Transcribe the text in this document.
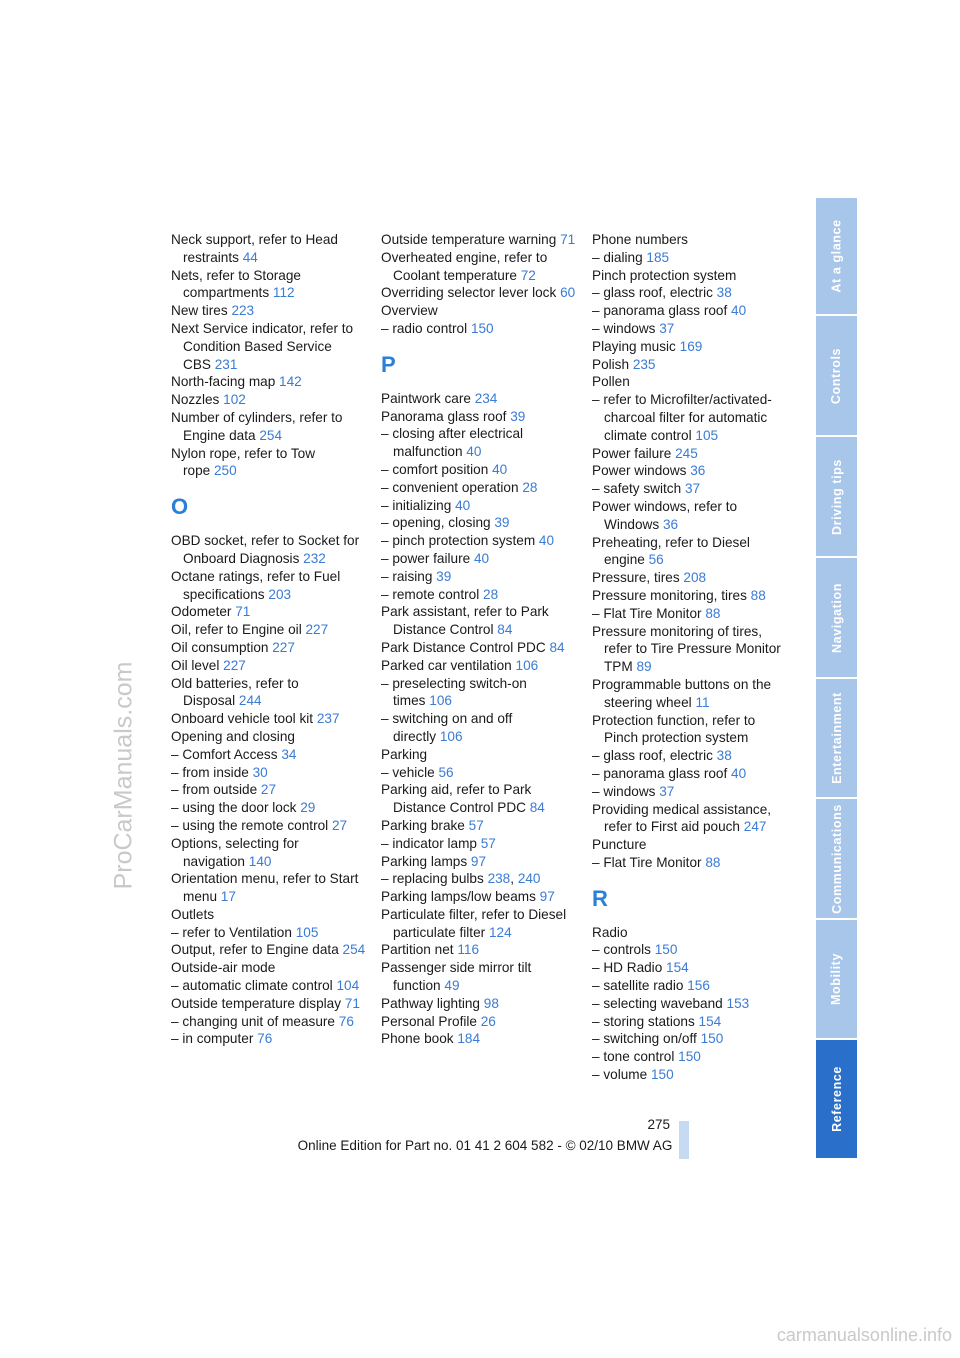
ProCarManuals.com
Neck support, refer to Head restraints 44
Nets, refer to Storage compartments 112
New tires 223
Next Service indicator, refer to Condition Based Service CBS 231
North-facing map 142
Nozzles 102
Number of cylinders, refer to Engine data 254
Nylon rope, refer to Tow rope 250
O
OBD socket, refer to Socket for Onboard Diagnosis 232
Octane ratings, refer to Fuel specifications 203
Odometer 71
Oil, refer to Engine oil 227
Oil consumption 227
Oil level 227
Old batteries, refer to Disposal 244
Onboard vehicle tool kit 237
Opening and closing
– Comfort Access 34
– from inside 30
– from outside 27
– using the door lock 29
– using the remote control 27
Options, selecting for navigation 140
Orientation menu, refer to Start menu 17
Outlets
– refer to Ventilation 105
Output, refer to Engine data 254
Outside-air mode
– automatic climate control 104
Outside temperature display 71
– changing unit of measure 76
– in computer 76
Outside temperature warning 71
Overheated engine, refer to Coolant temperature 72
Overriding selector lever lock 60
Overview
– radio control 150
P
Paintwork care 234
Panorama glass roof 39
– closing after electrical malfunction 40
– comfort position 40
– convenient operation 28
– initializing 40
– opening, closing 39
– pinch protection system 40
– power failure 40
– raising 39
– remote control 28
Park assistant, refer to Park Distance Control 84
Park Distance Control PDC 84
Parked car ventilation 106
– preselecting switch-on times 106
– switching on and off directly 106
Parking
– vehicle 56
Parking aid, refer to Park Distance Control PDC 84
Parking brake 57
– indicator lamp 57
Parking lamps 97
– replacing bulbs 238, 240
Parking lamps/low beams 97
Particulate filter, refer to Diesel particulate filter 124
Partition net 116
Passenger side mirror tilt function 49
Pathway lighting 98
Personal Profile 26
Phone book 184
Phone numbers
– dialing 185
Pinch protection system
– glass roof, electric 38
– panorama glass roof 40
– windows 37
Playing music 169
Polish 235
Pollen
– refer to Microfilter/activated-charcoal filter for automatic climate control 105
Power failure 245
Power windows 36
– safety switch 37
Power windows, refer to Windows 36
Preheating, refer to Diesel engine 56
Pressure, tires 208
Pressure monitoring, tires 88
– Flat Tire Monitor 88
Pressure monitoring of tires, refer to Tire Pressure Monitor TPM 89
Programmable buttons on the steering wheel 11
Protection function, refer to Pinch protection system
– glass roof, electric 38
– panorama glass roof 40
– windows 37
Providing medical assistance, refer to First aid pouch 247
Puncture
– Flat Tire Monitor 88
R
Radio
– controls 150
– HD Radio 154
– satellite radio 156
– selecting waveband 153
– storing stations 154
– switching on/off 150
– tone control 150
– volume 150
At a glance
Controls
Driving tips
Navigation
Entertainment
Communications
Mobility
Reference
275
Online Edition for Part no. 01 41 2 604 582 - © 02/10 BMW AG
carmanualsonline.info
